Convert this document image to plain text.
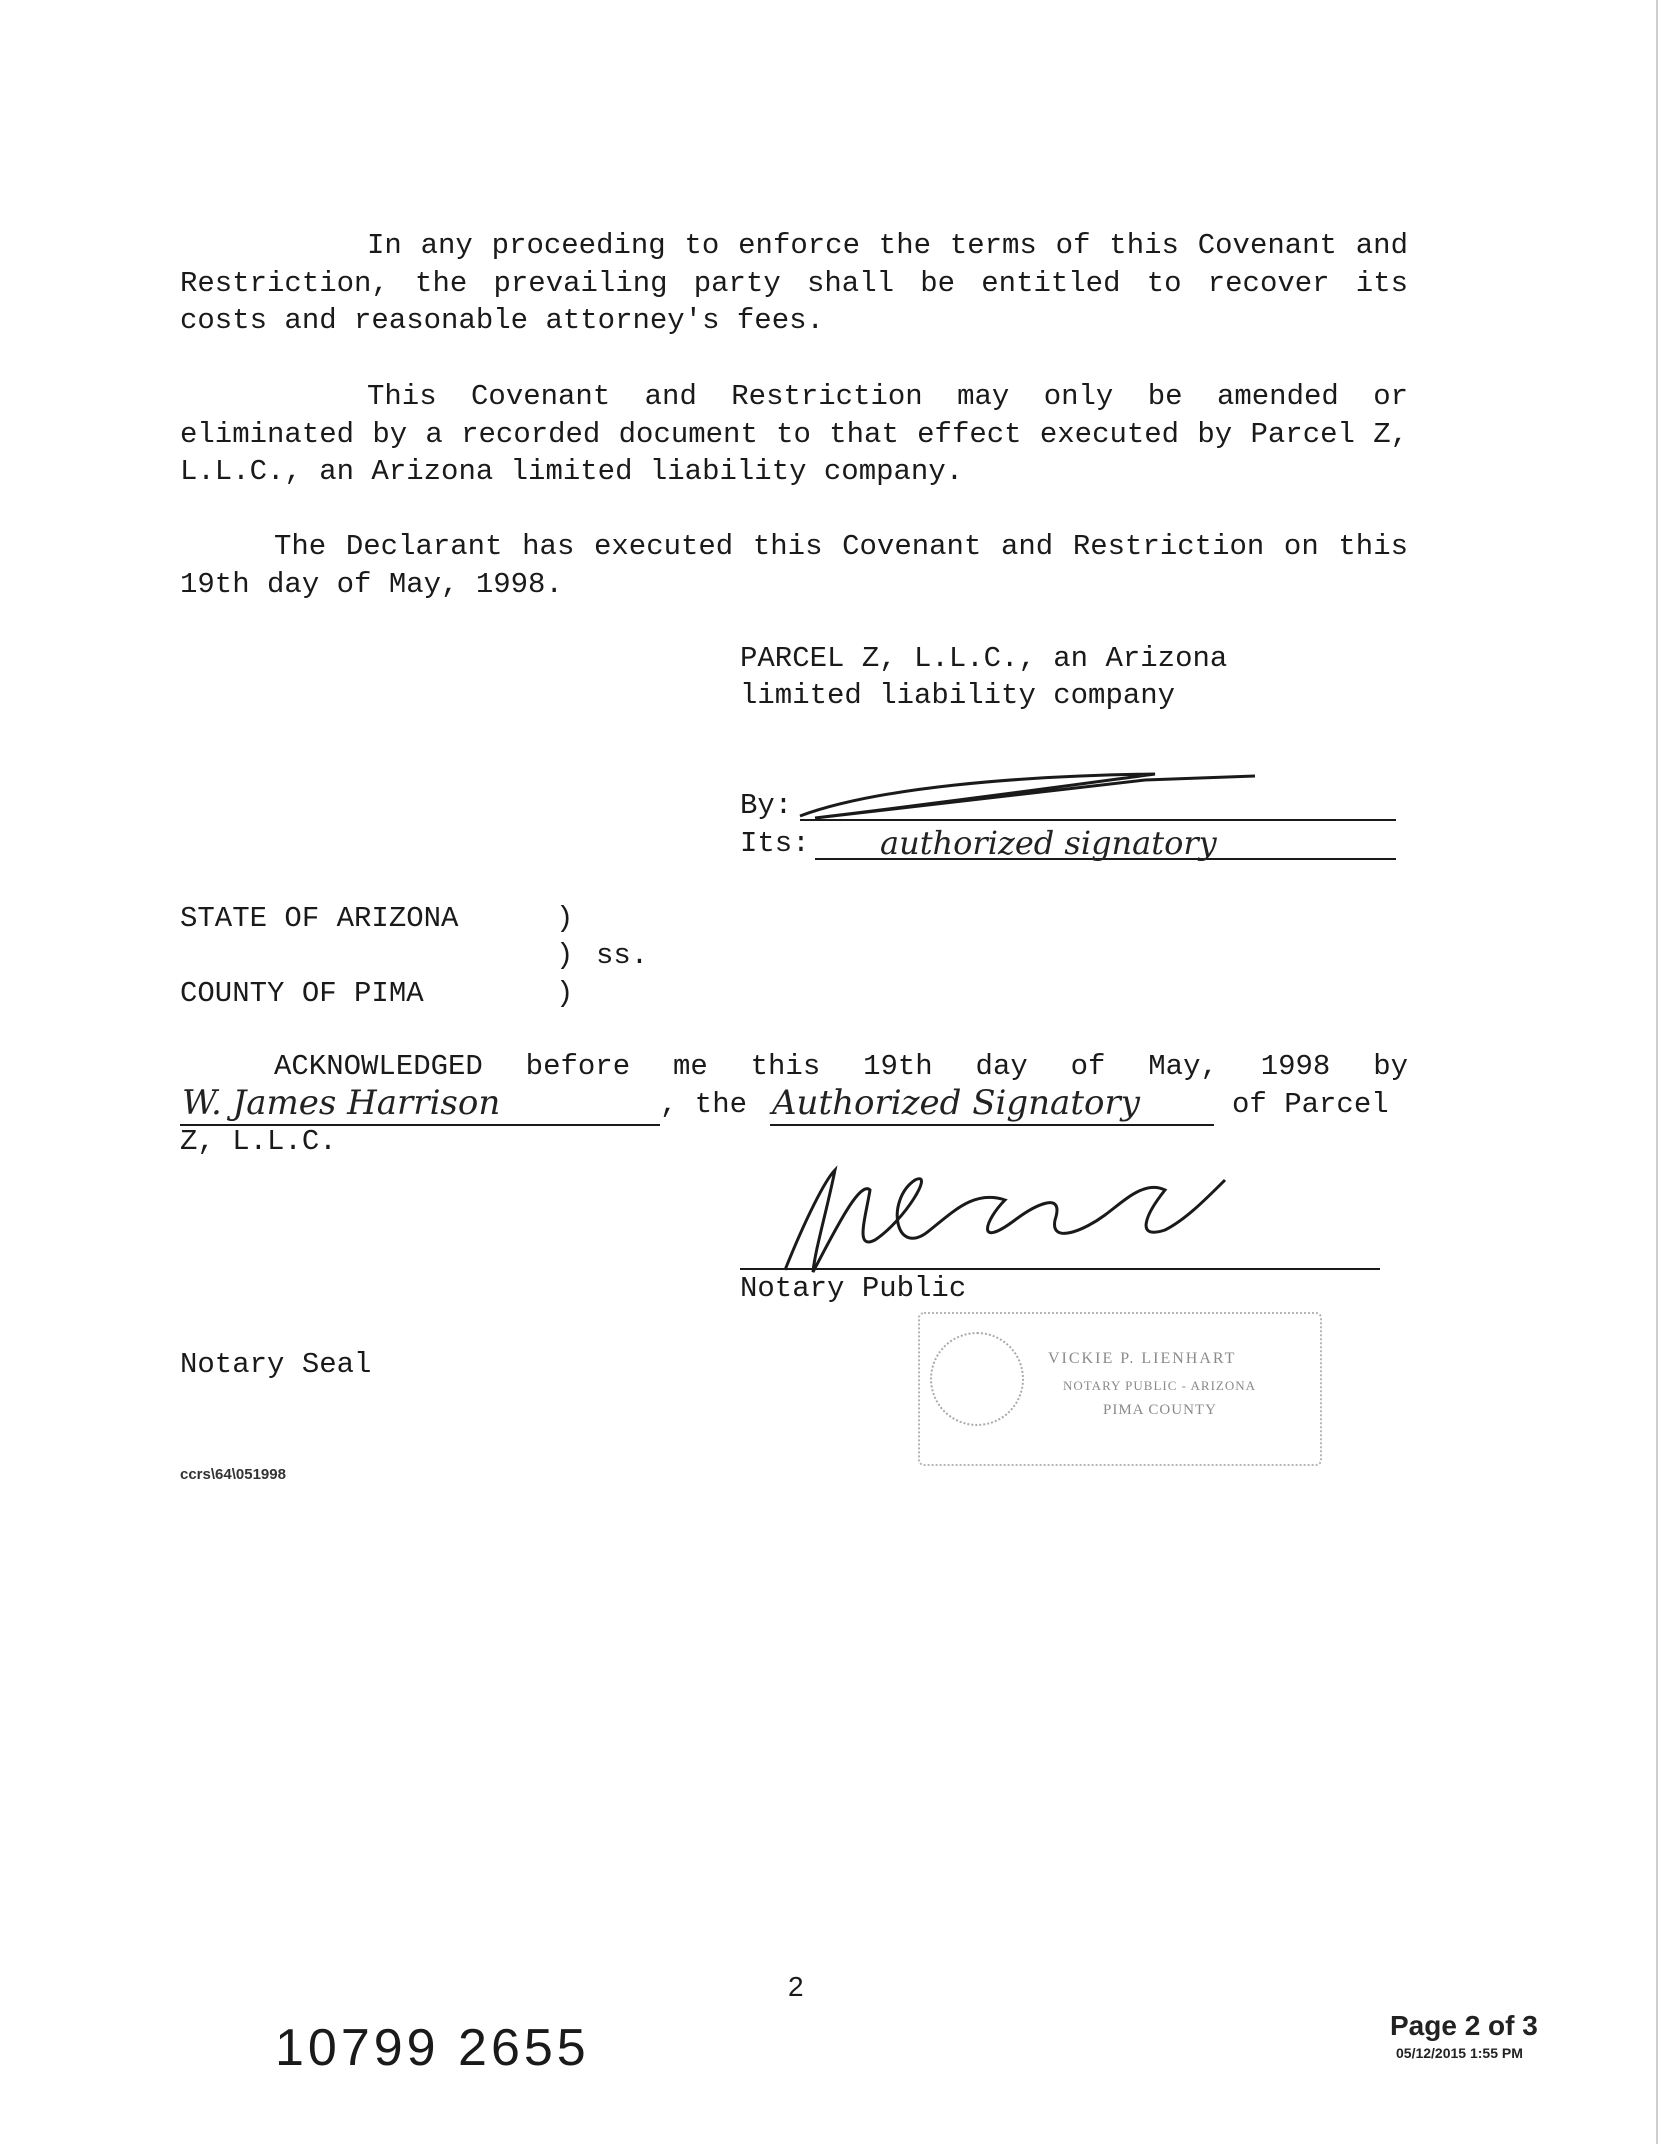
In any proceeding to enforce the terms of this Covenant and Restriction, the prevailing party shall be entitled to recover its costs and reasonable attorney's fees.

This Covenant and Restriction may only be amended or eliminated by a recorded document to that effect executed by Parcel Z, L.L.C., an Arizona limited liability company.

The Declarant has executed this Covenant and Restriction on this 19th day of May, 1998.

PARCEL Z, L.L.C., an Arizona
limited liability company
By:
Its: authorized signatory
STATE OF ARIZONA	)
) ss.
COUNTY OF PIMA	)
ACKNOWLEDGED before me this 19th day of May, 1998 by
W. James Harrison	, the Authorized Signatory	of Parcel
Z, L.L.C.
Notary Public
Notary Seal	VICKIE P. LIENHART
NOTARY PUBLIC - ARIZONA
PIMA COUNTY
ccrs\64\051998
2
10799 2655	Page 2 of 3
05/12/2015 1:55 PM
